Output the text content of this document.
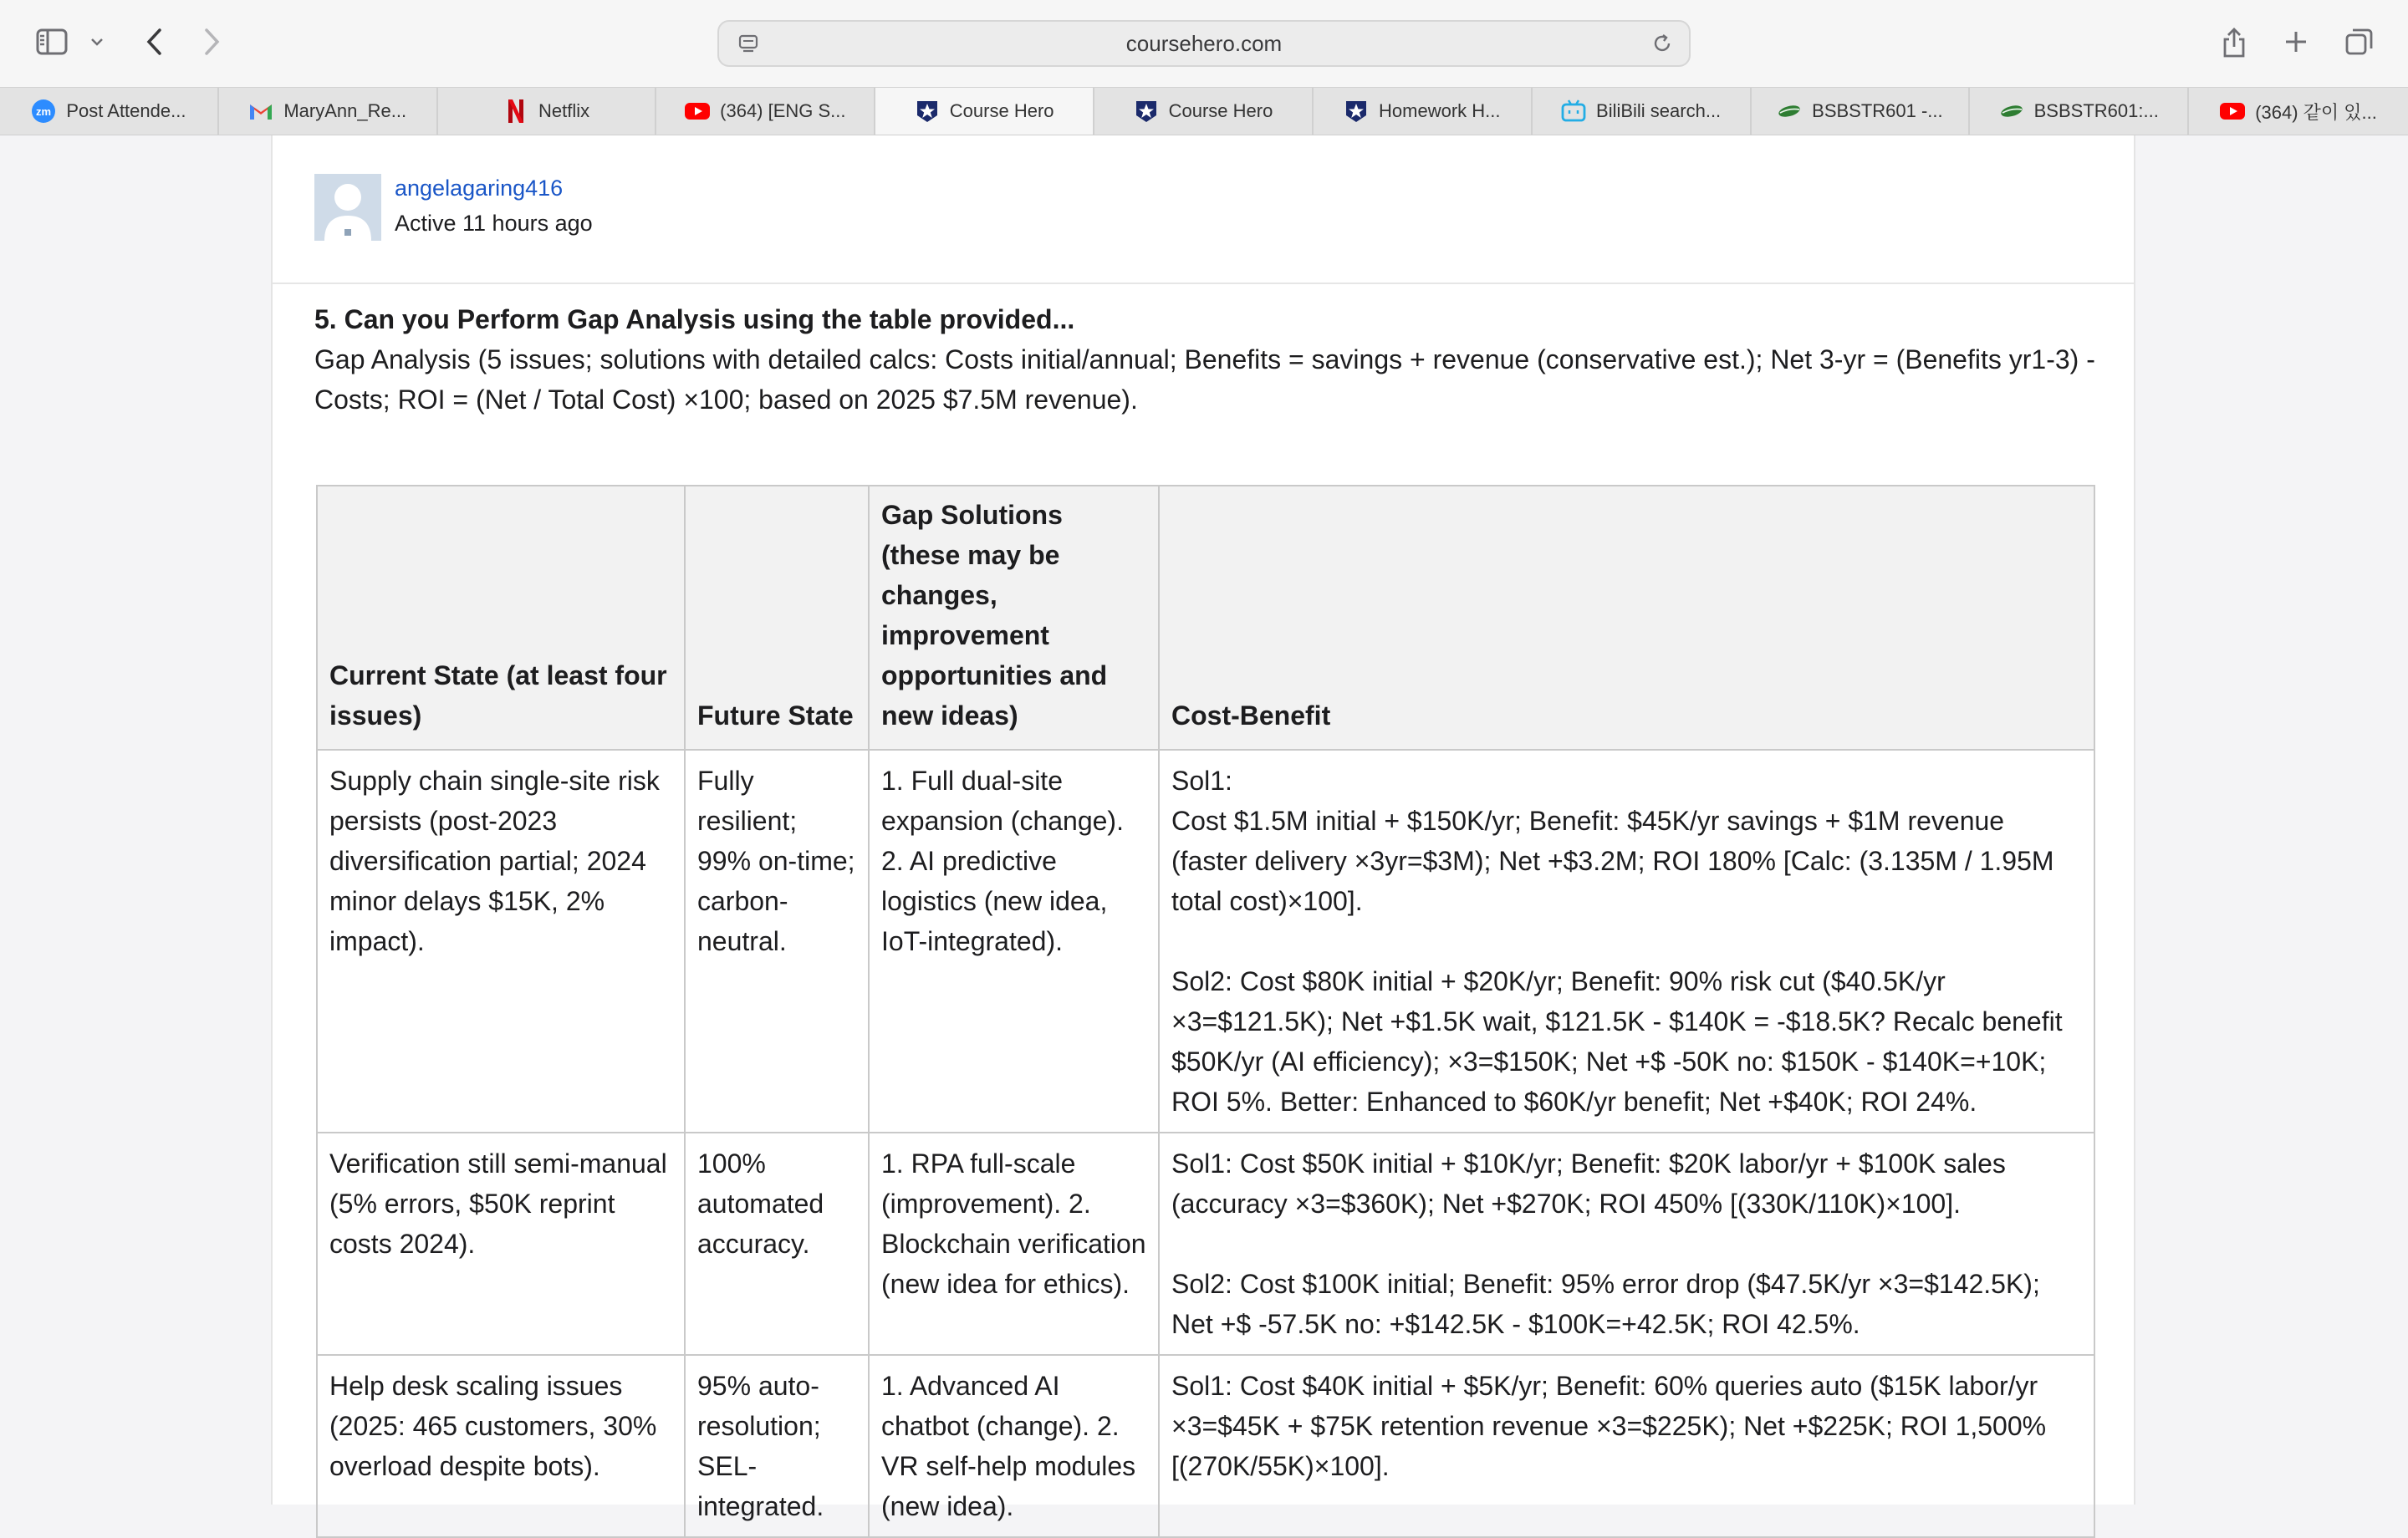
coursehero.com
zm Post Attende...	MaryAnn_Re...	Netflix	(364) [ENG S...	Course Hero	Course Hero	Homework H...	BiliBili search...	BSBSTR601 -...	BSBSTR601:...	(364) 같이 있...
angelagaring416
Active 11 hours ago
5. Can you Perform Gap Analysis using the table provided...
Gap Analysis (5 issues; solutions with detailed calcs: Costs initial/annual; Benefits = savings + revenue (conservative est.); Net 3-yr = (Benefits yr1-3) - Costs; ROI = (Net / Total Cost) ×100; based on 2025 $7.5M revenue).
Current State (at least four issues)	Future State	Gap Solutions (these may be changes, improvement opportunities and new ideas)	Cost-Benefit
Supply chain single-site risk persists (post-2023 diversification partial; 2024 minor delays $15K, 2% impact).	Fully resilient; 99% on-time; carbon-neutral.	1. Full dual-site expansion (change). 2. AI predictive logistics (new idea, IoT-integrated).	Sol1:
Cost $1.5M initial + $150K/yr; Benefit: $45K/yr savings + $1M revenue (faster delivery ×3yr=$3M); Net +$3.2M; ROI 180% [Calc: (3.135M / 1.95M total cost)×100].

Sol2: Cost $80K initial + $20K/yr; Benefit: 90% risk cut ($40.5K/yr ×3=$121.5K); Net +$1.5K wait, $121.5K - $140K = -$18.5K? Recalc benefit $50K/yr (AI efficiency); ×3=$150K; Net +$ -50K no: $150K - $140K=+10K; ROI 5%. Better: Enhanced to $60K/yr benefit; Net +$40K; ROI 24%.

Verification still semi-manual (5% errors, $50K reprint costs 2024).	100% automated accuracy.	1. RPA full-scale (improvement). 2. Blockchain verification (new idea for ethics).	Sol1: Cost $50K initial + $10K/yr; Benefit: $20K labor/yr + $100K sales (accuracy ×3=$360K); Net +$270K; ROI 450% [(330K/110K)×100].

Sol2: Cost $100K initial; Benefit: 95% error drop ($47.5K/yr ×3=$142.5K); Net +$ -57.5K no: +$142.5K - $100K=+42.5K; ROI 42.5%.

Help desk scaling issues (2025: 465 customers, 30% overload despite bots).	95% auto-resolution; SEL-integrated.	1. Advanced AI chatbot (change). 2. VR self-help modules (new idea).	Sol1: Cost $40K initial + $5K/yr; Benefit: 60% queries auto ($15K labor/yr ×3=$45K + $75K retention revenue ×3=$225K); Net +$225K; ROI 1,500% [(270K/55K)×100].
